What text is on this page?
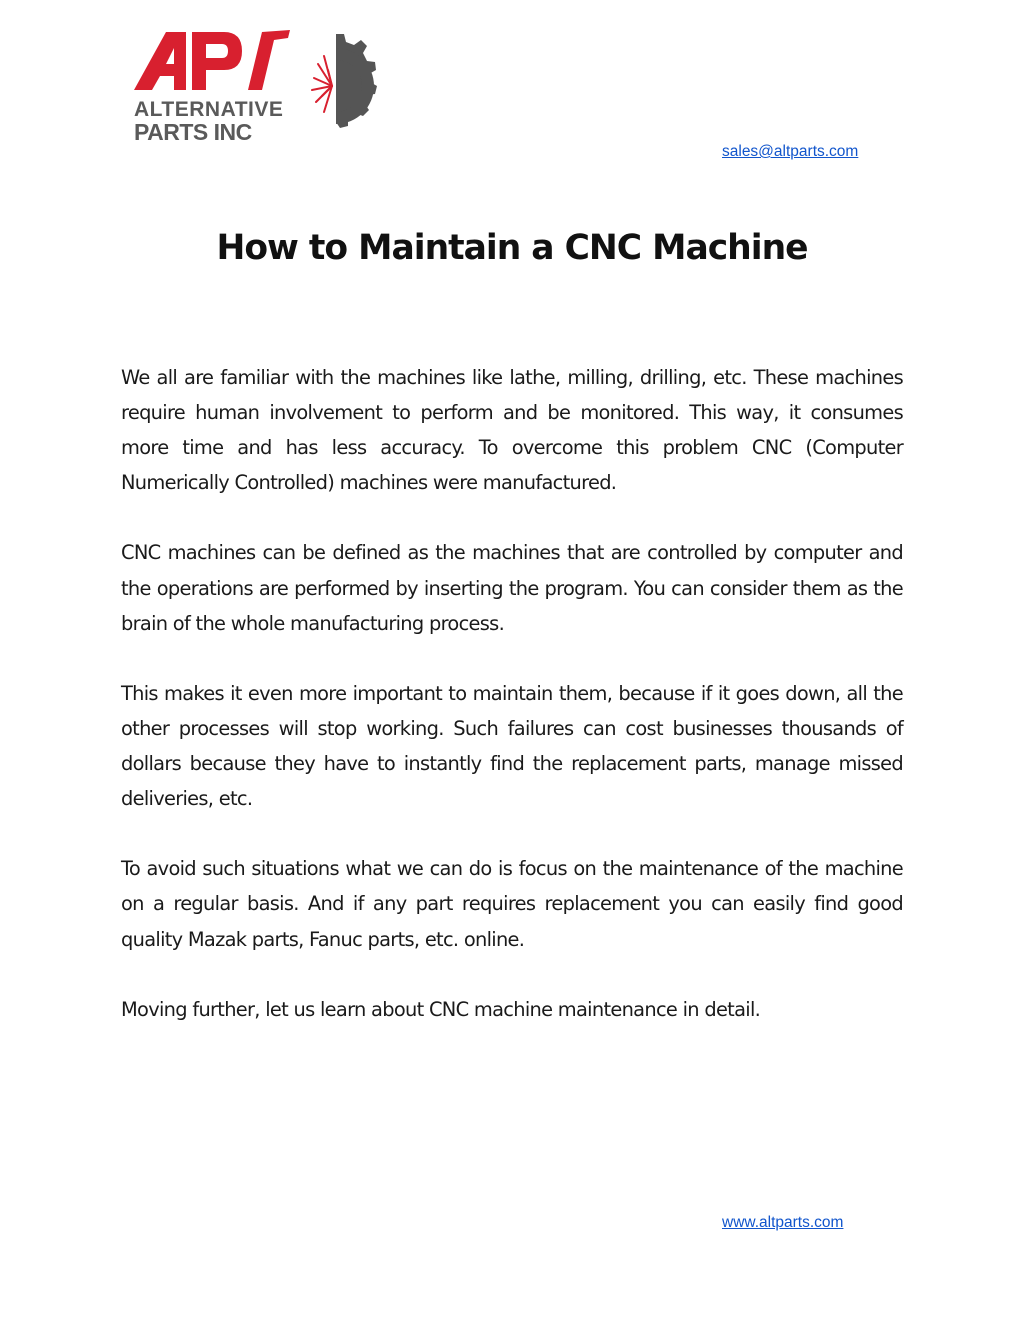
ALTERNATIVE
PARTS INC
sales@altparts.com
How to Maintain a CNC Machine

We all are familiar with the machines like lathe, milling, drilling, etc. These machines require human involvement to perform and be monitored. This way, it consumes more time and has less accuracy. To overcome this problem CNC (Computer Numerically Controlled) machines were manufactured.

CNC machines can be defined as the machines that are controlled by computer and the operations are performed by inserting the program. You can consider them as the brain of the whole manufacturing process.

This makes it even more important to maintain them, because if it goes down, all the other processes will stop working. Such failures can cost businesses thousands of dollars because they have to instantly find the replacement parts, manage missed deliveries, etc.

To avoid such situations what we can do is focus on the maintenance of the machine on a regular basis. And if any part requires replacement you can easily find good quality Mazak parts, Fanuc parts, etc. online.

Moving further, let us learn about CNC machine maintenance in detail.

www.altparts.com
